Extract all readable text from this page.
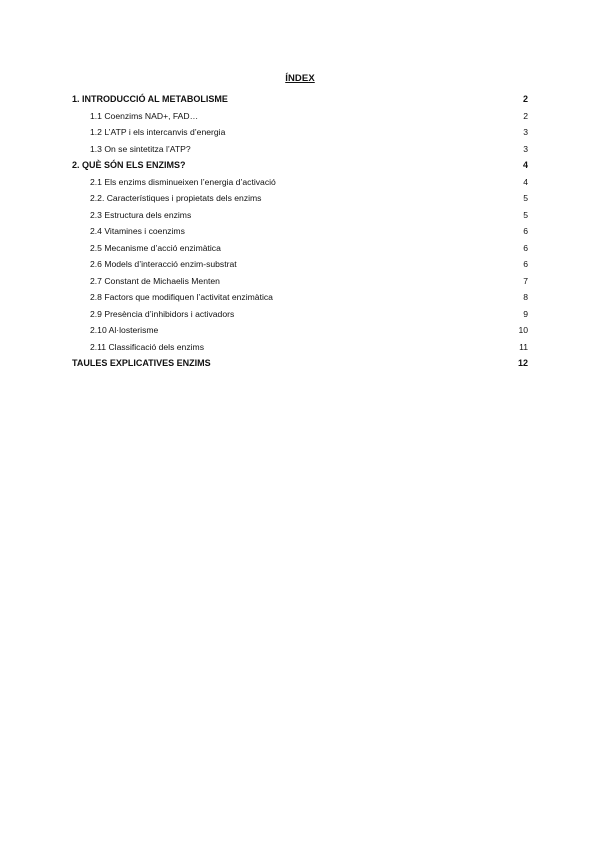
ÍNDEX
1. INTRODUCCIÓ AL METABOLISME	2
1.1 Coenzims NAD+, FAD…	2
1.2 L’ATP i els intercanvis d’energia	3
1.3 On se sintetitza l’ATP?	3
2. QUÈ SÓN ELS ENZIMS?	4
2.1 Els enzims disminueixen l’energia d’activació	4
2.2. Característiques i propietats dels enzims	5
2.3 Estructura dels enzims	5
2.4 Vitamines i coenzims	6
2.5 Mecanisme d’acció enzimàtica	6
2.6 Models d’interacció enzim-substrat	6
2.7 Constant de Michaelis Menten	7
2.8 Factors que modifiquen l’activitat enzimàtica	8
2.9 Presència d’inhibidors i activadors	9
2.10 Al·losterisme	10
2.11 Classificació dels enzims	11
TAULES EXPLICATIVES ENZIMS	12
